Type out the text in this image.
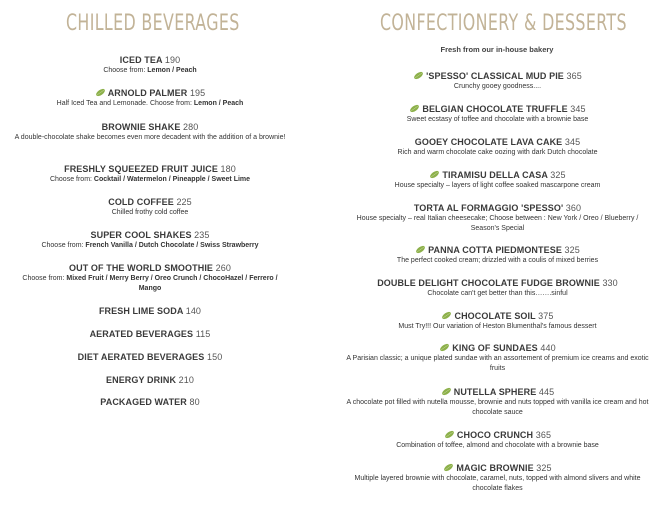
CHILLED BEVERAGES	CONFECTIONERY & DESSERTS
Fresh from our in-house bakery
ICED TEA 190
Choose from: Lemon / Peach
ARNOLD PALMER 195
Half Iced Tea and Lemonade. Choose from: Lemon / Peach
BROWNIE SHAKE 280
A double-chocolate shake becomes even more decadent with the addition of a brownie!
FRESHLY SQUEEZED FRUIT JUICE 180
Choose from: Cocktail / Watermelon / Pineapple / Sweet Lime
COLD COFFEE 225
Chilled frothy cold coffee
SUPER COOL SHAKES 235
Choose from: French Vanilla / Dutch Chocolate / Swiss Strawberry
OUT OF THE WORLD SMOOTHIE 260
Choose from: Mixed Fruit / Merry Berry / Oreo Crunch / ChocoHazel / Ferrero / Mango
FRESH LIME SODA 140
AERATED BEVERAGES 115
DIET AERATED BEVERAGES 150
ENERGY DRINK 210
PACKAGED WATER 80
'SPESSO' CLASSICAL MUD PIE 365
Crunchy gooey goodness....
BELGIAN CHOCOLATE TRUFFLE 345
Sweet ecstasy of toffee and chocolate with a brownie base
GOOEY CHOCOLATE LAVA CAKE 345
Rich and warm chocolate cake oozing with dark Dutch chocolate
TIRAMISU DELLA CASA 325
House specialty – layers of light coffee soaked mascarpone cream
TORTA AL FORMAGGIO 'SPESSO' 360
House specialty – real Italian cheesecake; Choose between : New York / Oreo / Blueberry / Season's Special
PANNA COTTA PIEDMONTESE 325
The perfect cooked cream; drizzled with a coulis of mixed berries
DOUBLE DELIGHT CHOCOLATE FUDGE BROWNIE 330
Chocolate can't get better than this…….sinful
CHOCOLATE SOIL 375
Must Try!!! Our variation of Heston Blumenthal's famous dessert
KING OF SUNDAES 440
A Parisian classic; a unique plated sundae with an assortement of premium ice creams and exotic fruits
NUTELLA SPHERE 445
A chocolate pot filled with nutella mousse, brownie and nuts topped with vanilla ice cream and hot chocolate sauce
CHOCO CRUNCH 365
Combination of toffee, almond and chocolate with a brownie base
MAGIC BROWNIE 325
Multiple layered brownie with chocolate, caramel, nuts, topped with almond slivers and white chocolate flakes
